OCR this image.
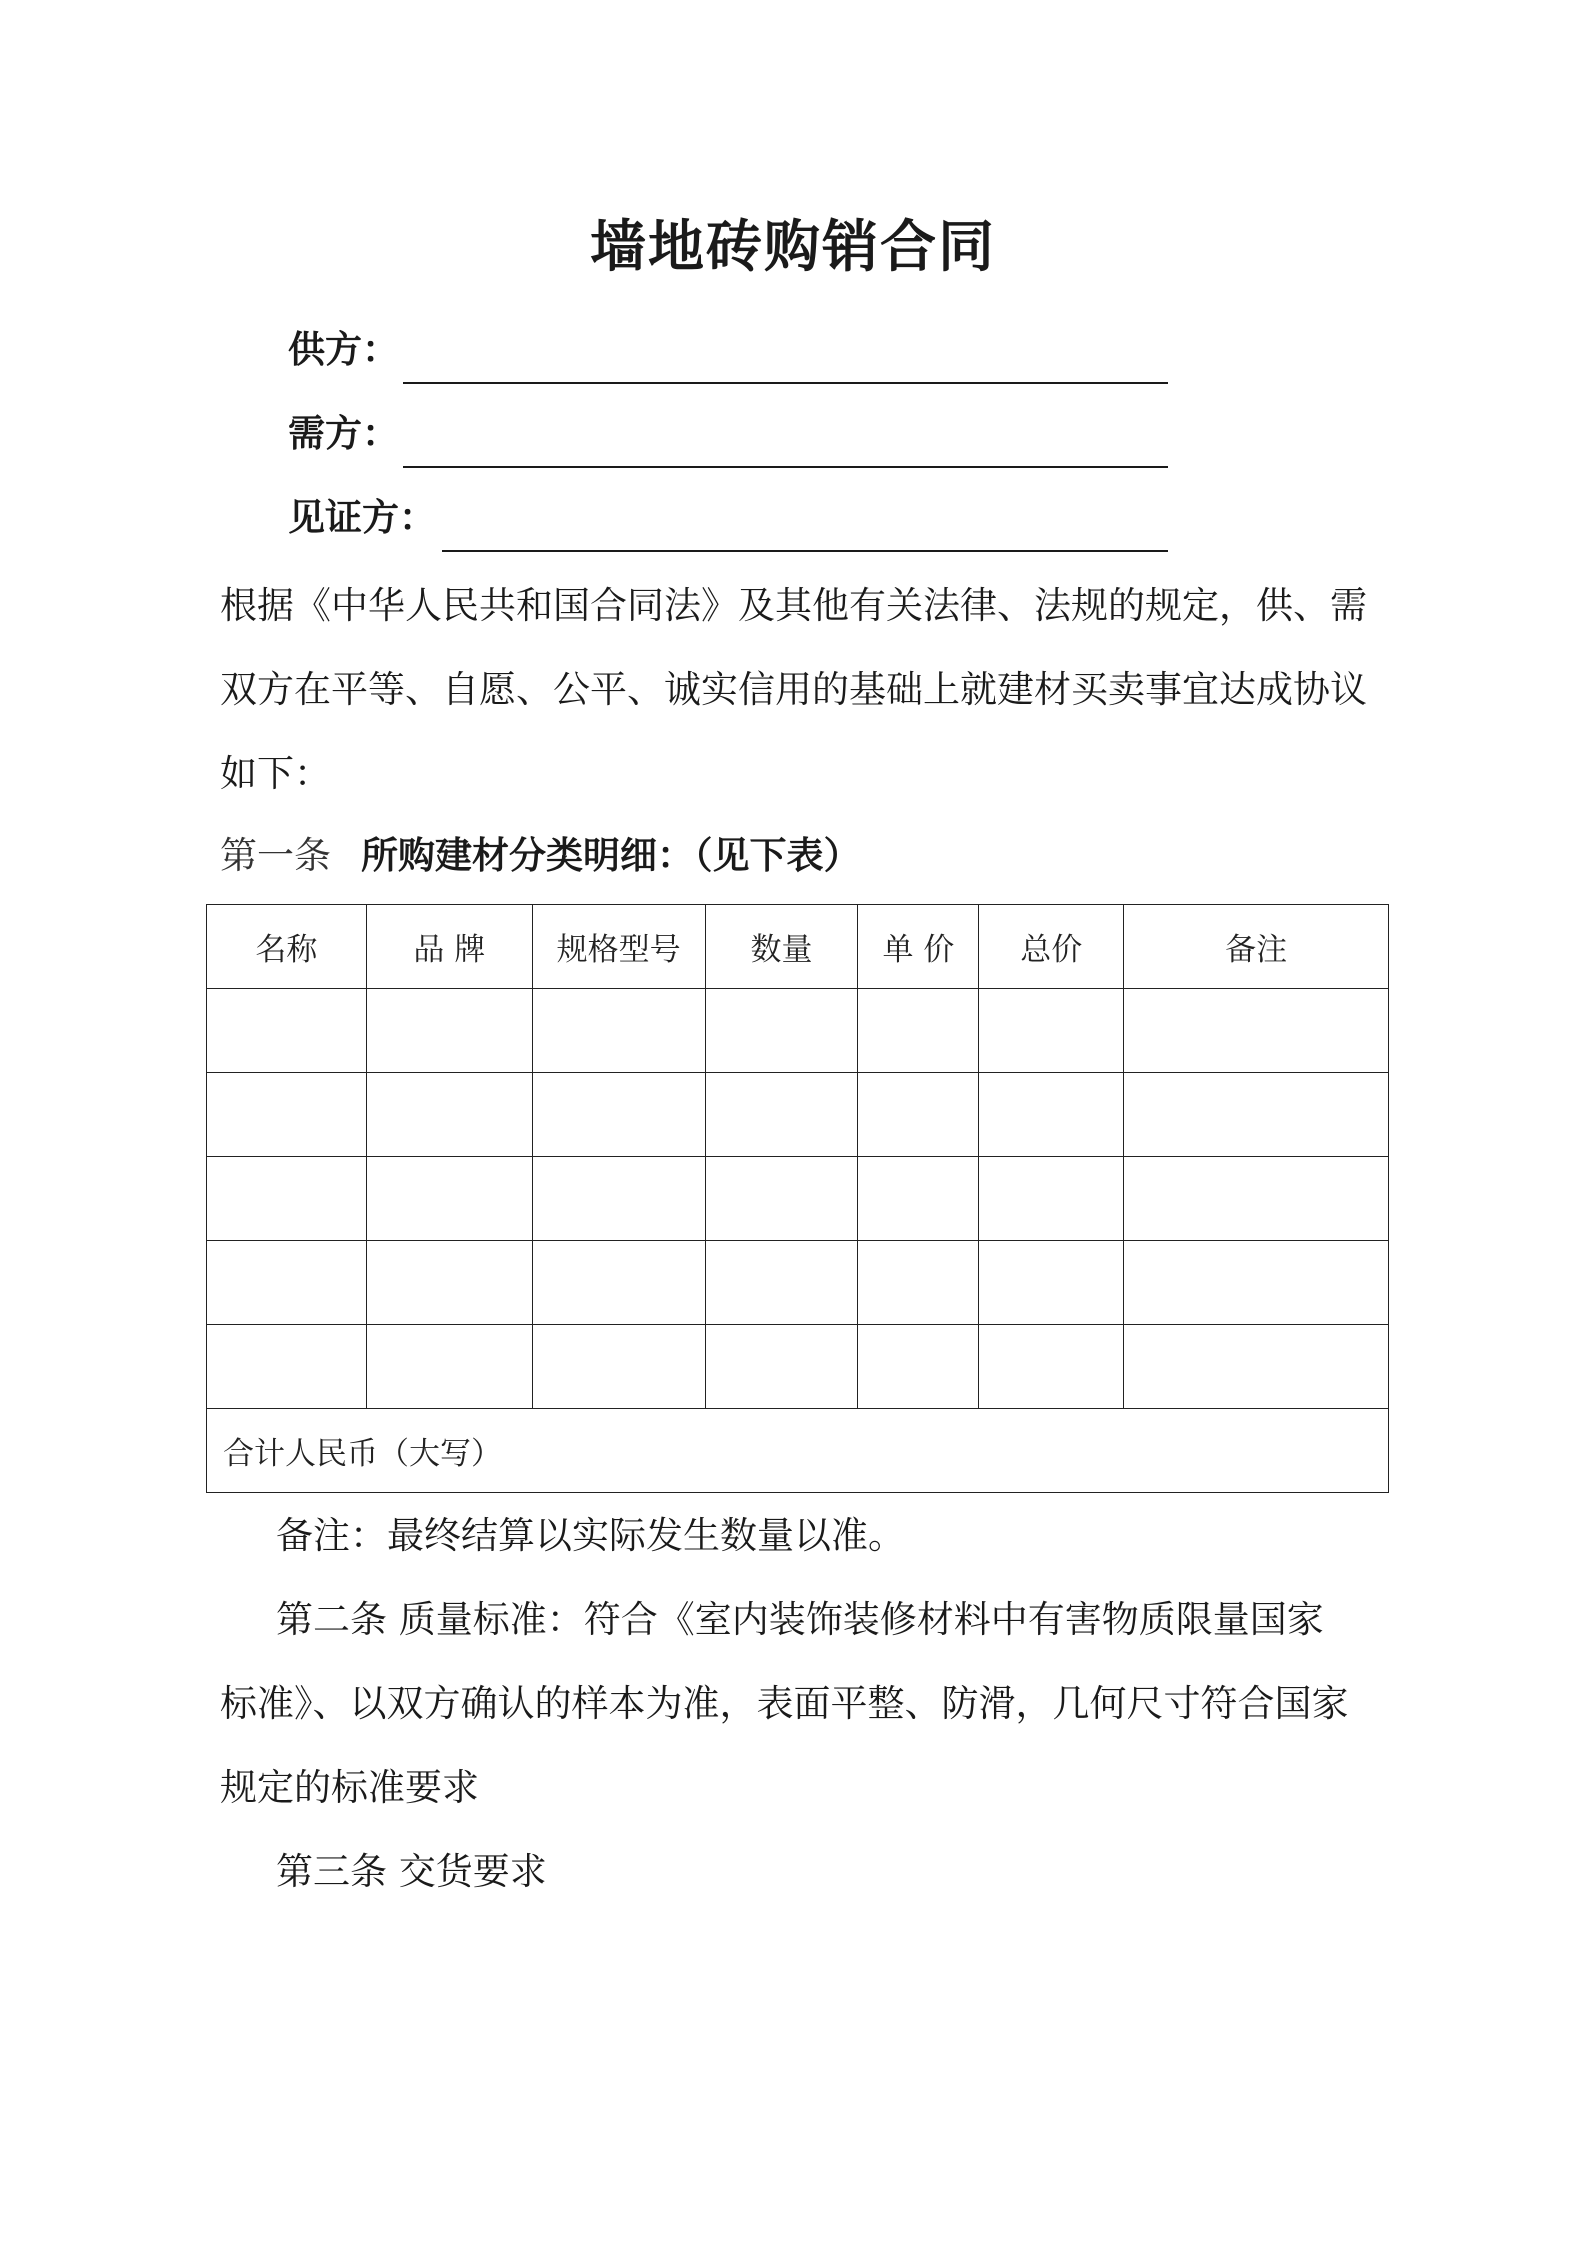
墙地砖购销合同
供方：
需方：
见证方：
根据《中华人民共和国合同法》及其他有关法律、法规的规定，供、需
双方在平等、自愿、公平、诚实信用的基础上就建材买卖事宜达成协议
如下：
第一条 所购建材分类明细：（见下表）
名称	品 牌	规格型号	数量	单 价	总价	备注

合计人民币（大写）						
备注：最终结算以实际发生数量以准。
第二条 质量标准：符合《室内装饰装修材料中有害物质限量国家
标准》、以双方确认的样本为准，表面平整、防滑，几何尺寸符合国家
规定的标准要求
第三条 交货要求
